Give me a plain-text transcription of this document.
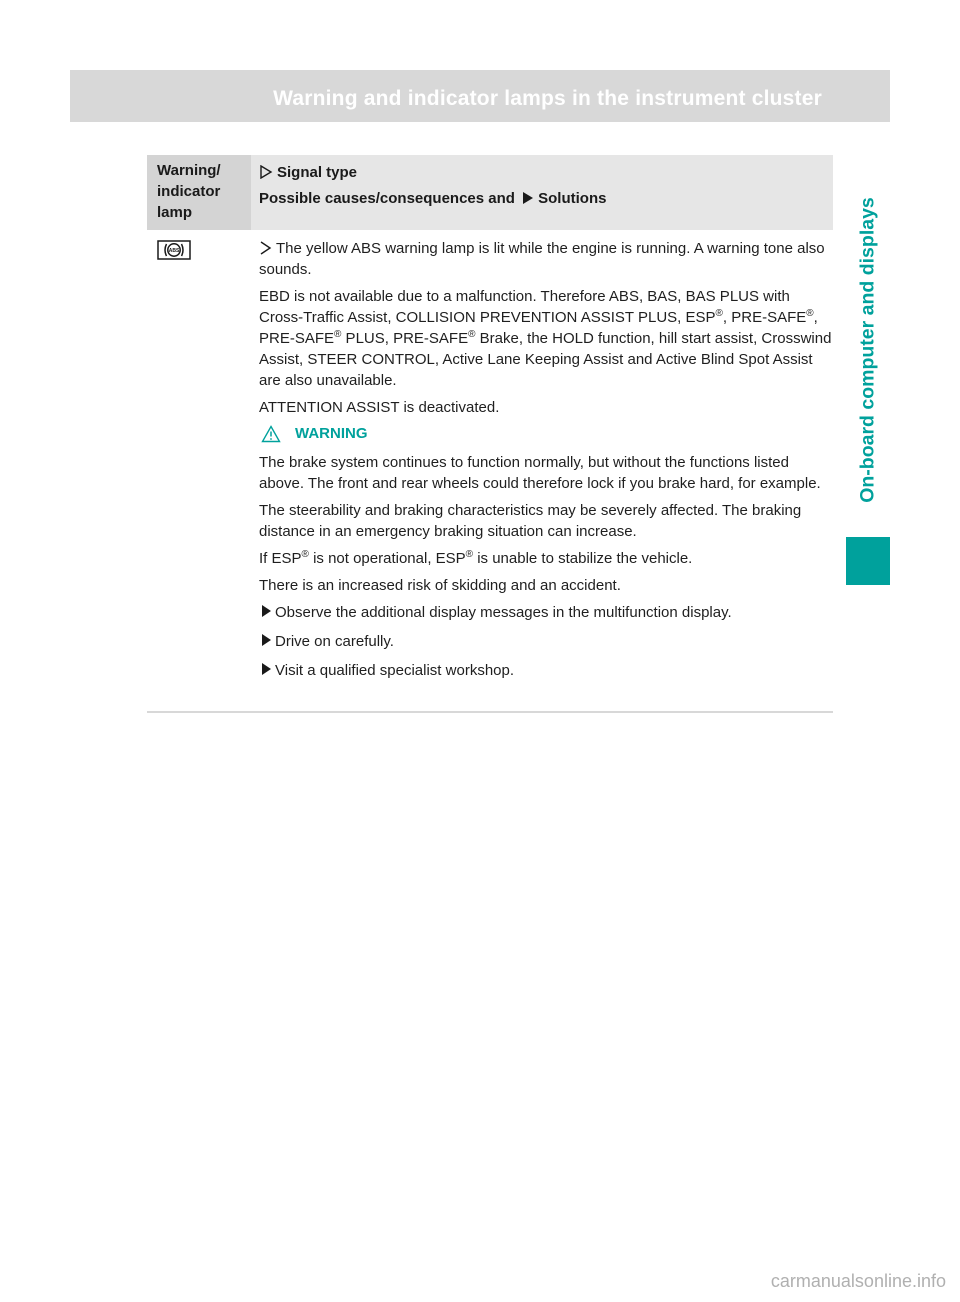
Warning and indicator lamps in the instrument cluster	359
On-board computer and displays
Warning/ indicator lamp
Signal type
Possible causes/consequences and Solutions
ABS	The yellow ABS warning lamp is lit while the engine is running. A warning tone also sounds.

EBD is not available due to a malfunction. Therefore ABS, BAS, BAS PLUS with Cross-Traffic Assist, COLLISION PREVENTION ASSIST PLUS, ESP®, PRE-SAFE®, PRE-SAFE® PLUS, PRE-SAFE® Brake, the HOLD function, hill start assist, Crosswind Assist, STEER CONTROL, Active Lane Keeping Assist and Active Blind Spot Assist are also unavailable.

ATTENTION ASSIST is deactivated.

WARNING

The brake system continues to function normally, but without the functions listed above. The front and rear wheels could therefore lock if you brake hard, for example.

The steerability and braking characteristics may be severely affected. The braking distance in an emergency braking situation can increase.

If ESP® is not operational, ESP® is unable to stabilize the vehicle.

There is an increased risk of skidding and an accident.

Observe the additional display messages in the multifunction display.
Drive on carefully.
Visit a qualified specialist workshop.
carmanualsonline.info
